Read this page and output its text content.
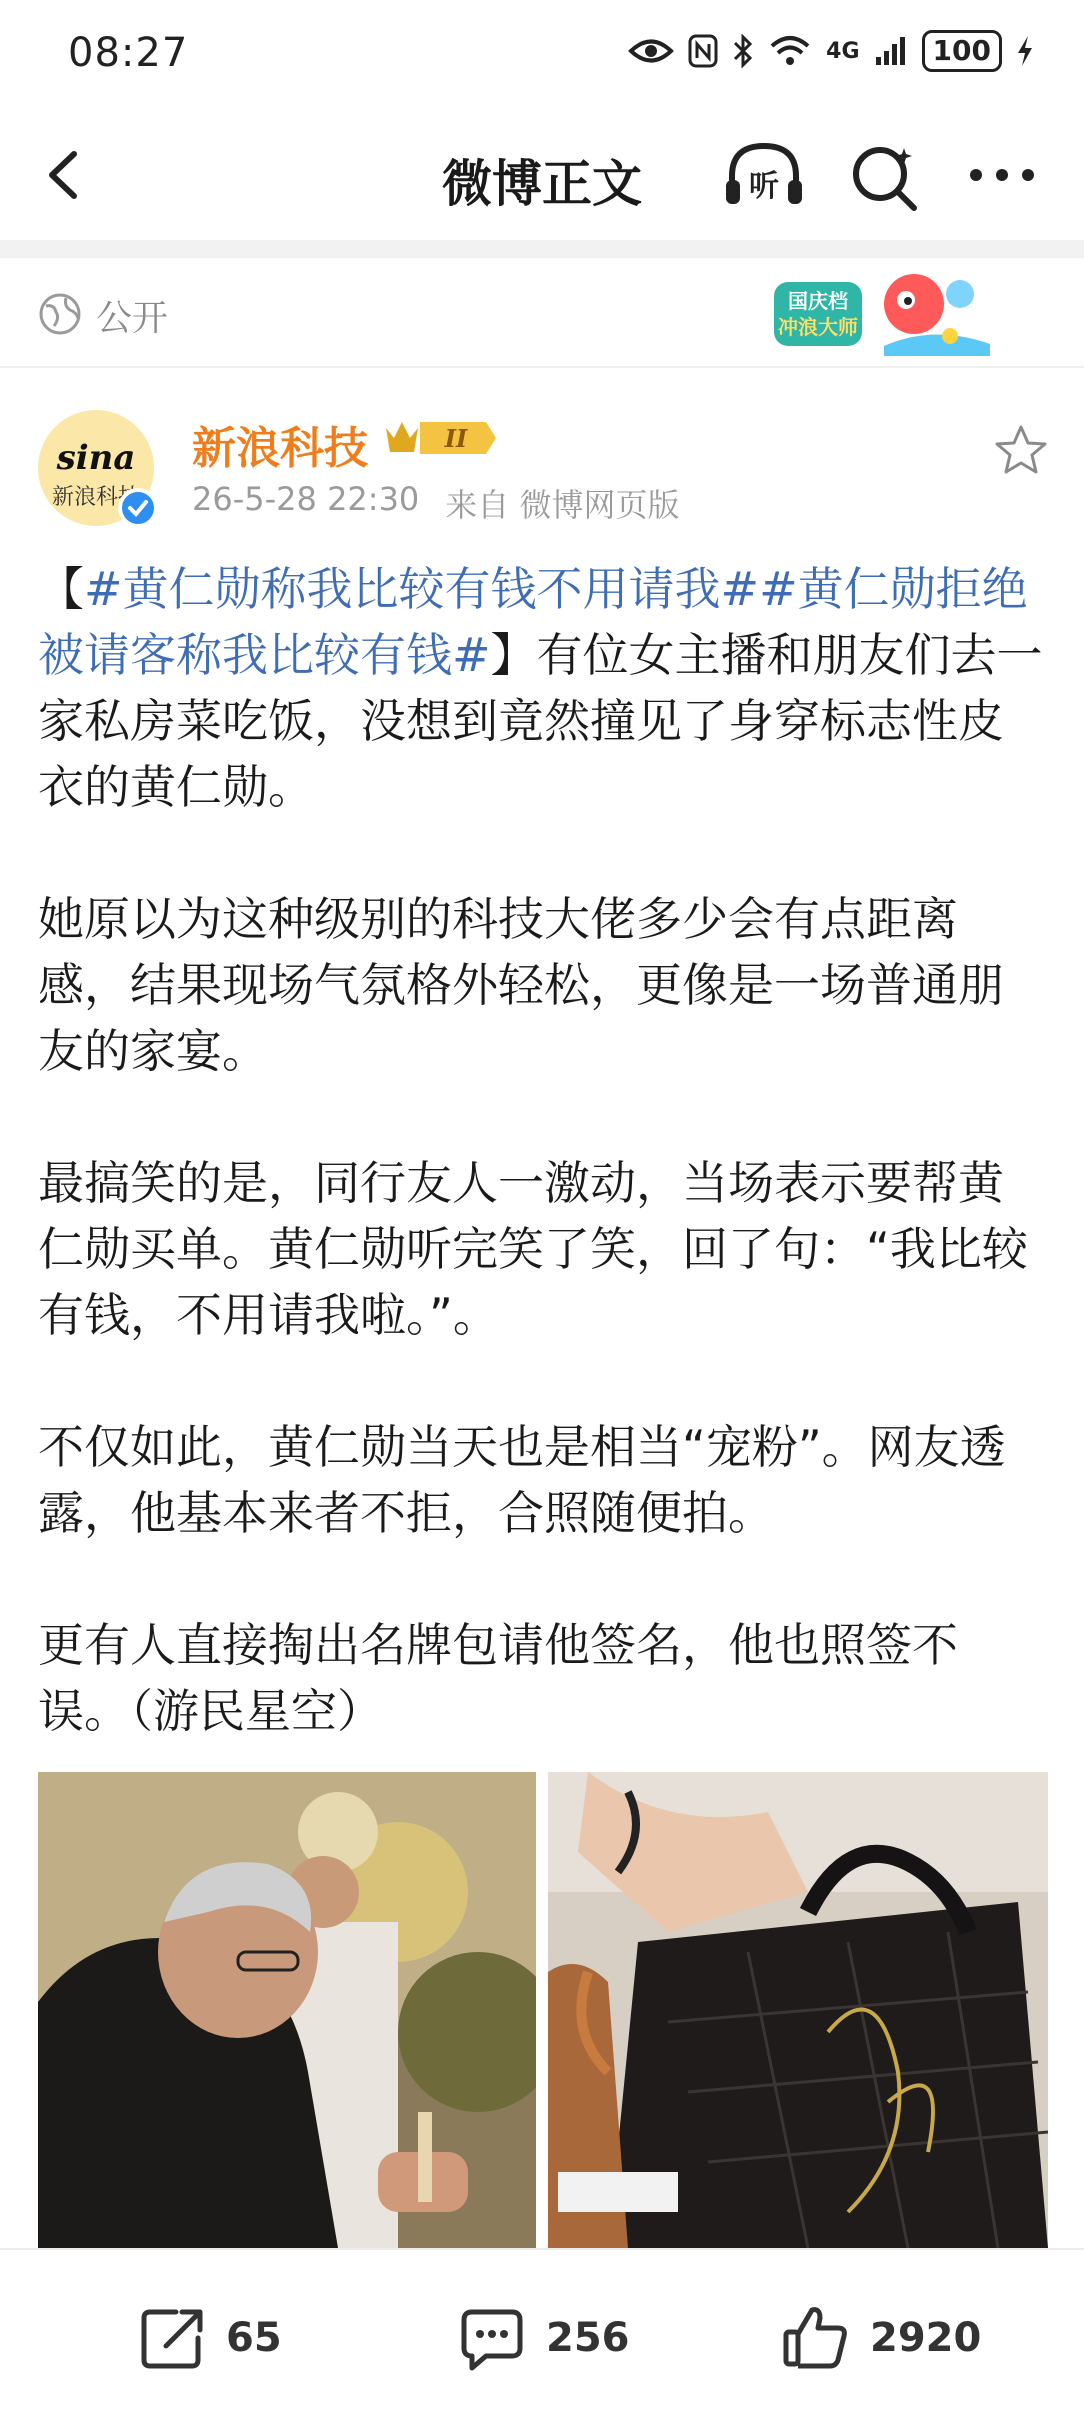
08:27	4G	100
微博正文	听
公开	国庆档
冲浪大师
sina
新浪科技
新浪科技	II
26-5-28 22:30 来自 微博网页版

【#黄仁勋称我比较有钱不用请我##黄仁勋拒绝被请客称我比较有钱#】有位女主播和朋友们去一家私房菜吃饭，没想到竟然撞见了身穿标志性皮衣的黄仁勋。

她原以为这种级别的科技大佬多少会有点距离感，结果现场气氛格外轻松，更像是一场普通朋友的家宴。

最搞笑的是，同行友人一激动，当场表示要帮黄仁勋买单。黄仁勋听完笑了笑，回了句：“我比较有钱，不用请我啦。”。

不仅如此，黄仁勋当天也是相当“宠粉”。网友透露，他基本来者不拒，合照随便拍。

更有人直接掏出名牌包请他签名，他也照签不误。（游民星空）

65	256	2920
